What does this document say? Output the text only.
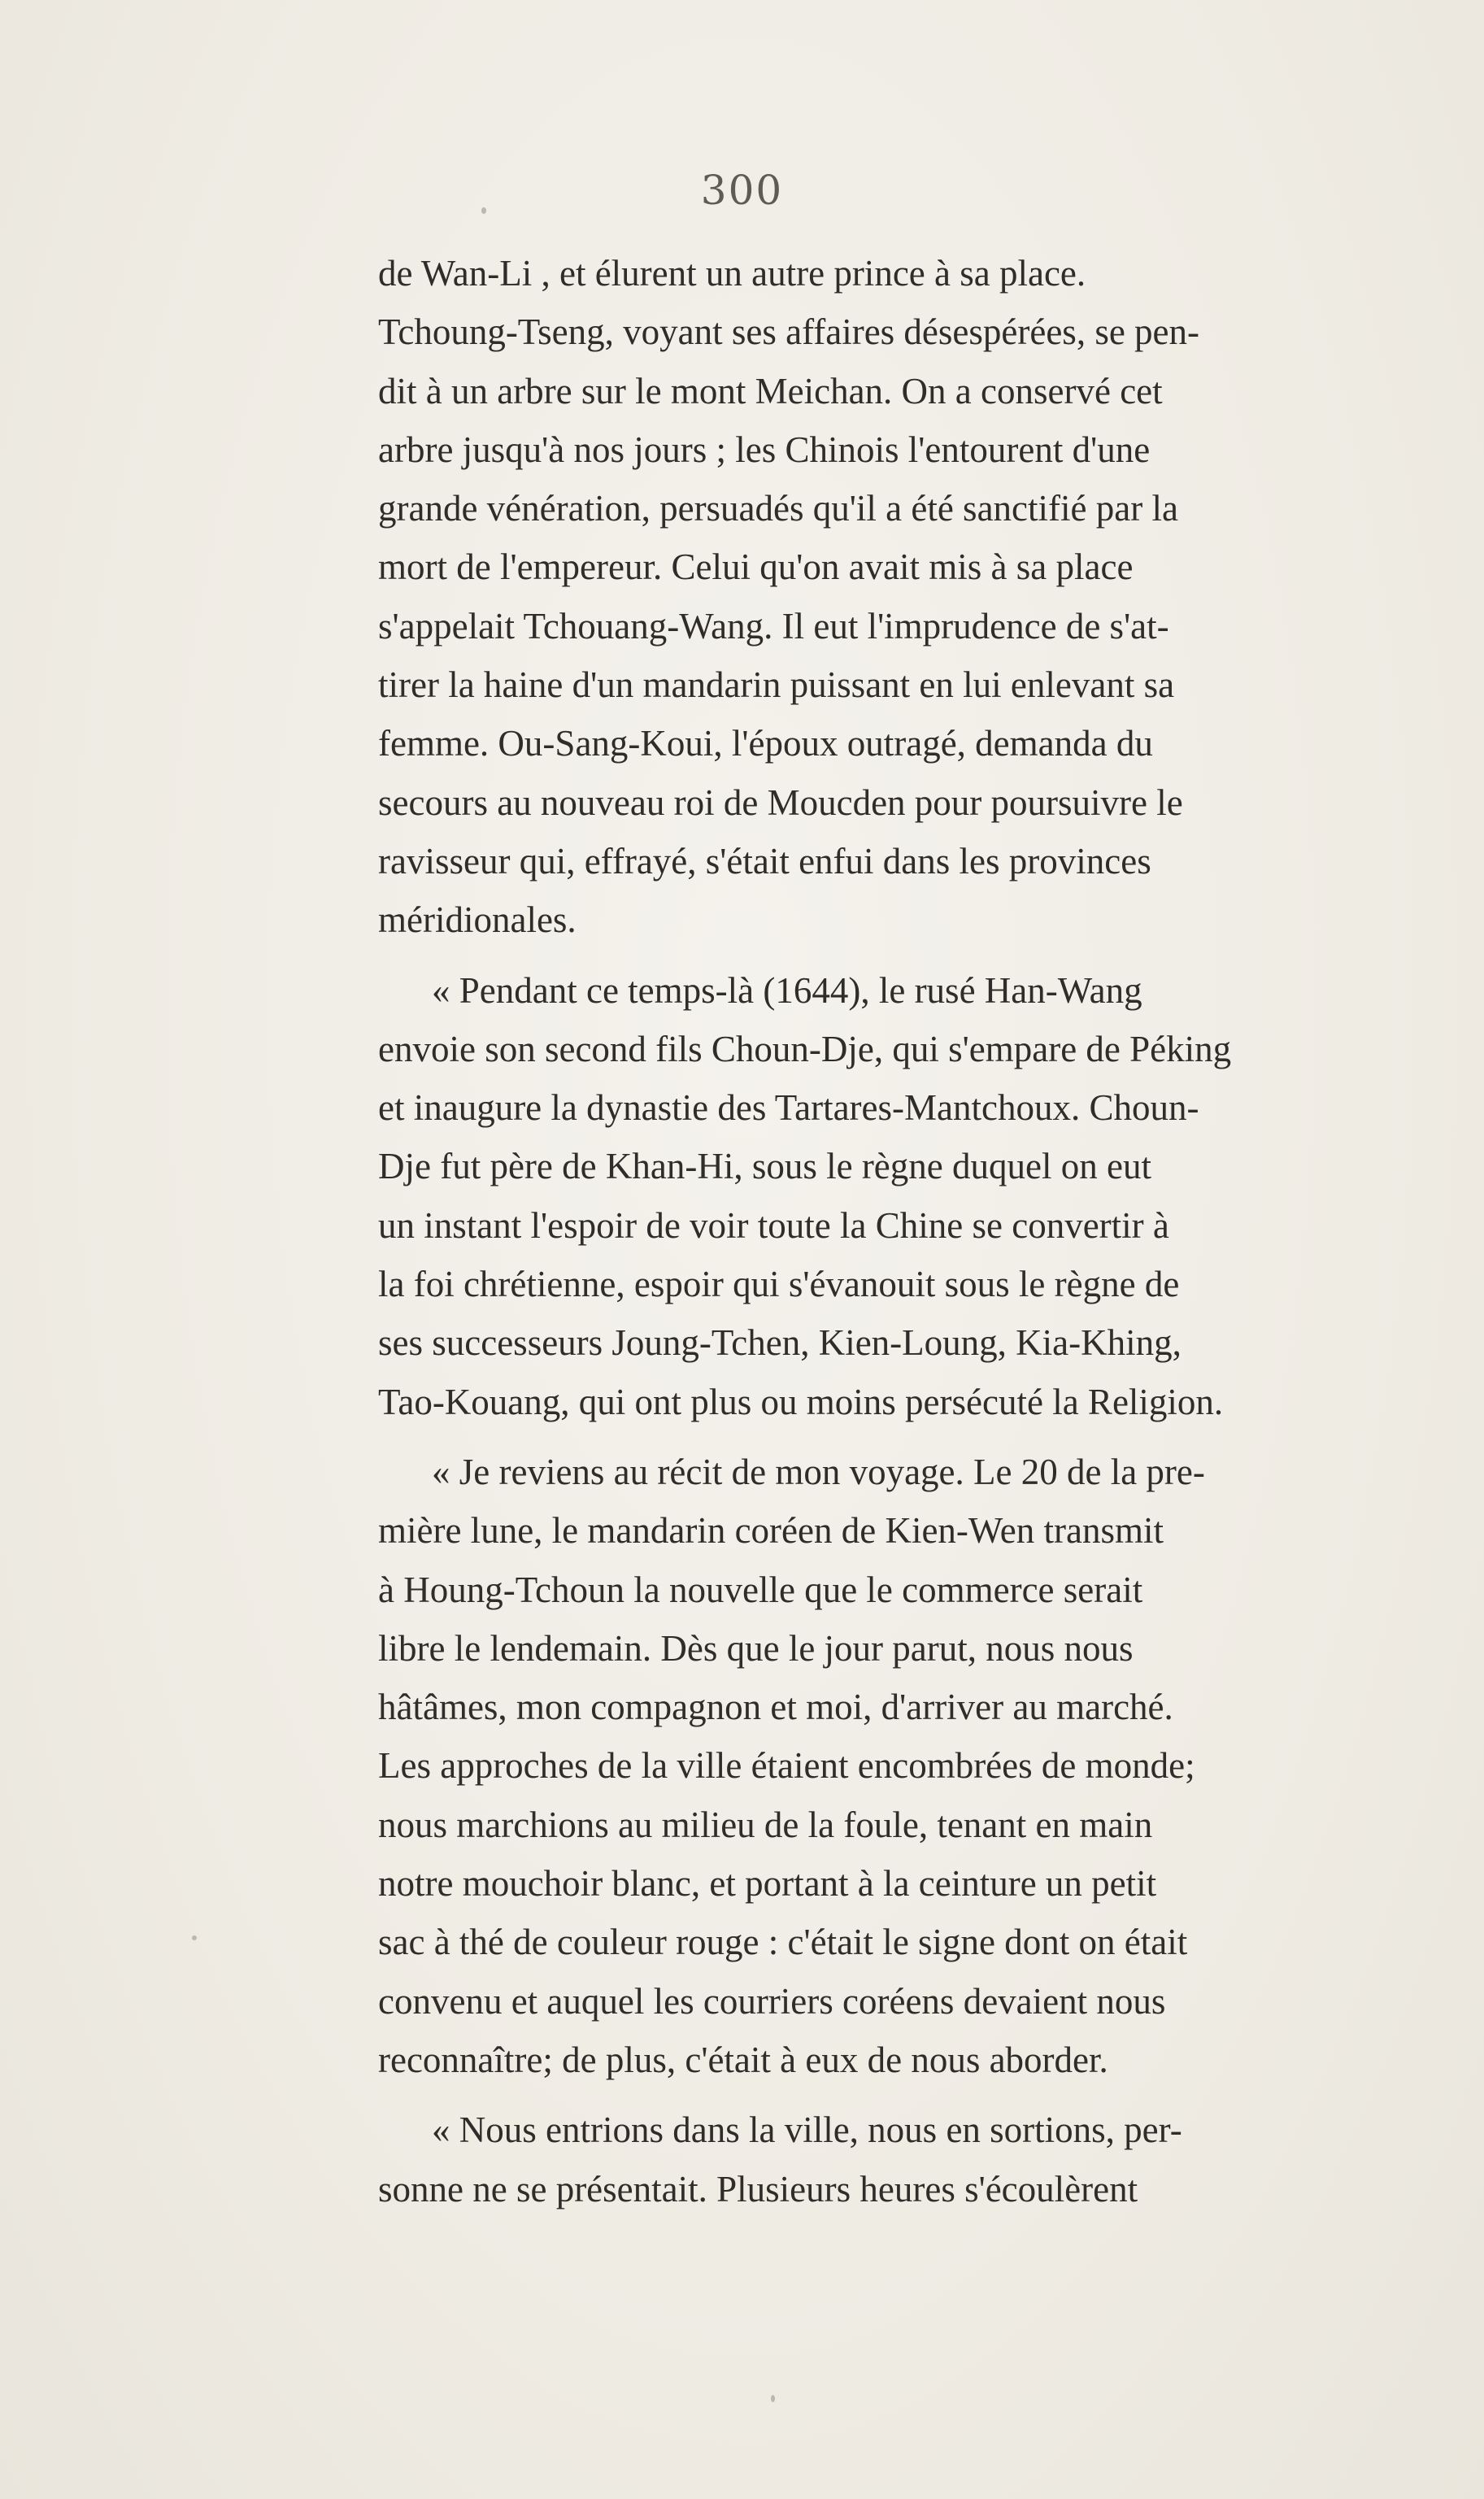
300
de Wan-Li , et élurent un autre prince à sa place.
Tchoung-Tseng, voyant ses affaires désespérées, se pen-
dit à un arbre sur le mont Meichan. On a conservé cet
arbre jusqu'à nos jours ; les Chinois l'entourent d'une
grande vénération, persuadés qu'il a été sanctifié par la
mort de l'empereur. Celui qu'on avait mis à sa place
s'appelait Tchouang-Wang. Il eut l'imprudence de s'at-
tirer la haine d'un mandarin puissant en lui enlevant sa
femme. Ou-Sang-Koui, l'époux outragé, demanda du
secours au nouveau roi de Moucden pour poursuivre le
ravisseur qui, effrayé, s'était enfui dans les provinces
méridionales.
« Pendant ce temps-là (1644), le rusé Han-Wang
envoie son second fils Choun-Dje, qui s'empare de Péking
et inaugure la dynastie des Tartares-Mantchoux. Choun-
Dje fut père de Khan-Hi, sous le règne duquel on eut
un instant l'espoir de voir toute la Chine se convertir à
la foi chrétienne, espoir qui s'évanouit sous le règne de
ses successeurs Joung-Tchen, Kien-Loung, Kia-Khing,
Tao-Kouang, qui ont plus ou moins persécuté la Religion.
« Je reviens au récit de mon voyage. Le 20 de la pre-
mière lune, le mandarin coréen de Kien-Wen transmit
à Houng-Tchoun la nouvelle que le commerce serait
libre le lendemain. Dès que le jour parut, nous nous
hâtâmes, mon compagnon et moi, d'arriver au marché.
Les approches de la ville étaient encombrées de monde;
nous marchions au milieu de la foule, tenant en main
notre mouchoir blanc, et portant à la ceinture un petit
sac à thé de couleur rouge : c'était le signe dont on était
convenu et auquel les courriers coréens devaient nous
reconnaître; de plus, c'était à eux de nous aborder.
« Nous entrions dans la ville, nous en sortions, per-
sonne ne se présentait. Plusieurs heures s'écoulèrent
